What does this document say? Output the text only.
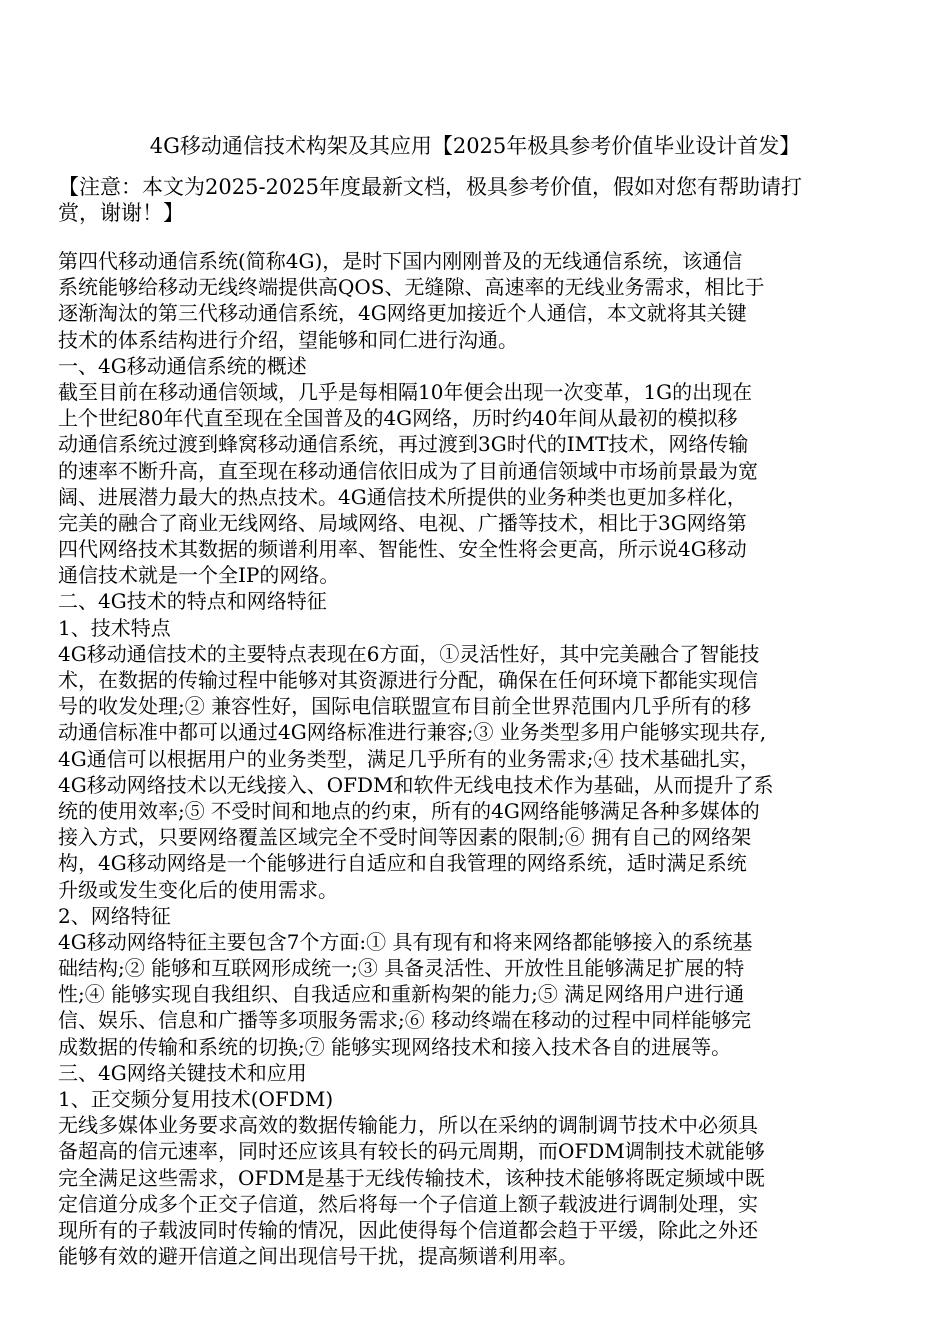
4G移动通信技术构架及其应用【2025年极具参考价值毕业设计首发】
【注意：本文为2025-2025年度最新文档，极具参考价值，假如对您有帮助请打
赏，谢谢！】
第四代移动通信系统(简称4G)，是时下国内刚刚普及的无线通信系统，该通信
系统能够给移动无线终端提供高QOS、无缝隙、高速率的无线业务需求，相比于
逐渐淘汰的第三代移动通信系统，4G网络更加接近个人通信，本文就将其关键
技术的体系结构进行介绍，望能够和同仁进行沟通。
一、4G移动通信系统的概述
截至目前在移动通信领域，几乎是每相隔10年便会出现一次变革，1G的出现在
上个世纪80年代直至现在全国普及的4G网络，历时约40年间从最初的模拟移
动通信系统过渡到蜂窝移动通信系统，再过渡到3G时代的IMT技术，网络传输
的速率不断升高，直至现在移动通信依旧成为了目前通信领域中市场前景最为宽
阔、进展潜力最大的热点技术。4G通信技术所提供的业务种类也更加多样化，
完美的融合了商业无线网络、局域网络、电视、广播等技术，相比于3G网络第
四代网络技术其数据的频谱利用率、智能性、安全性将会更高，所示说4G移动
通信技术就是一个全IP的网络。
二、4G技术的特点和网络特征
1、技术特点
4G移动通信技术的主要特点表现在6方面，①灵活性好，其中完美融合了智能技
术，在数据的传输过程中能够对其资源进行分配，确保在任何环境下都能实现信
号的收发处理;② 兼容性好，国际电信联盟宣布目前全世界范围内几乎所有的移
动通信标准中都可以通过4G网络标准进行兼容;③ 业务类型多用户能够实现共存,
4G通信可以根据用户的业务类型，满足几乎所有的业务需求;④ 技术基础扎实，
4G移动网络技术以无线接入、OFDM和软件无线电技术作为基础，从而提升了系
统的使用效率;⑤ 不受时间和地点的约束，所有的4G网络能够满足各种多媒体的
接入方式，只要网络覆盖区域完全不受时间等因素的限制;⑥ 拥有自己的网络架
构，4G移动网络是一个能够进行自适应和自我管理的网络系统，适时满足系统
升级或发生变化后的使用需求。
2、网络特征
4G移动网络特征主要包含7个方面:① 具有现有和将来网络都能够接入的系统基
础结构;② 能够和互联网形成统一;③ 具备灵活性、开放性且能够满足扩展的特
性;④ 能够实现自我组织、自我适应和重新构架的能力;⑤ 满足网络用户进行通
信、娱乐、信息和广播等多项服务需求;⑥ 移动终端在移动的过程中同样能够完
成数据的传输和系统的切换;⑦ 能够实现网络技术和接入技术各自的进展等。
三、4G网络关键技术和应用
1、正交频分复用技术(OFDM)
无线多媒体业务要求高效的数据传输能力，所以在采纳的调制调节技术中必须具
备超高的信元速率，同时还应该具有较长的码元周期，而OFDM调制技术就能够
完全满足这些需求，OFDM是基于无线传输技术，该种技术能够将既定频域中既
定信道分成多个正交子信道，然后将每一个子信道上额子载波进行调制处理，实
现所有的子载波同时传输的情况，因此使得每个信道都会趋于平缓，除此之外还
能够有效的避开信道之间出现信号干扰，提高频谱利用率。
